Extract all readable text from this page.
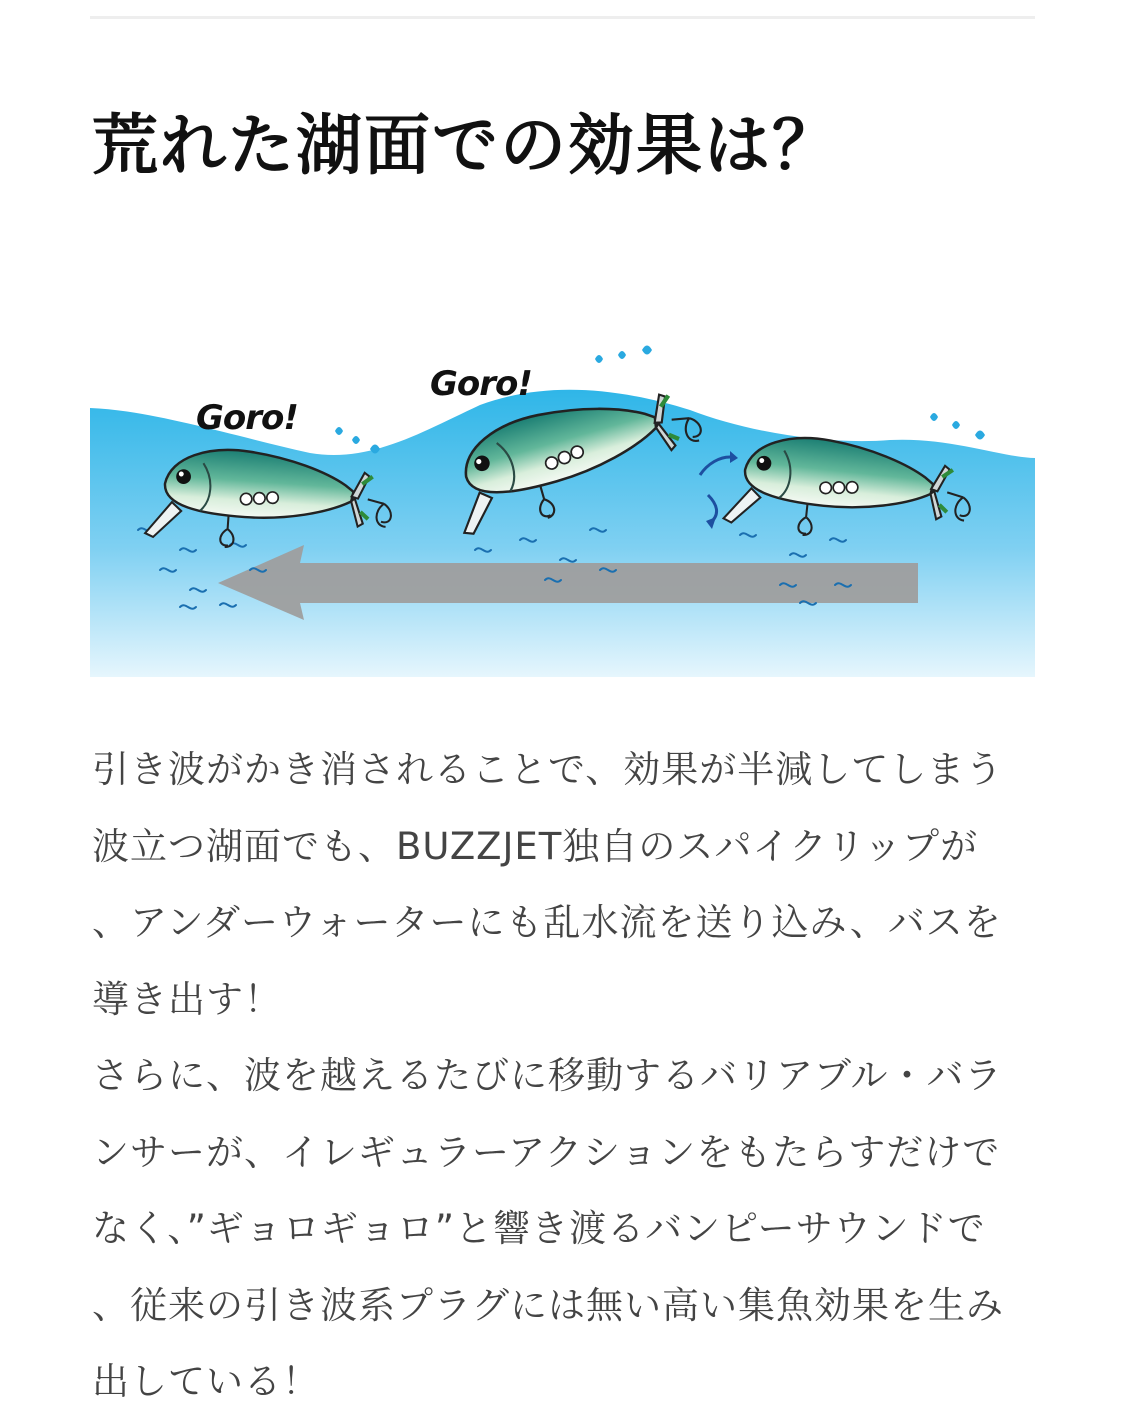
荒れた湖面での効果は？
Goro!
Goro!

引き波がかき消されることで、効果が半減してしまう
波立つ湖面でも、BUZZJET独自のスパイクリップが
、アンダーウォーターにも乱水流を送り込み、バスを
導き出す！
さらに、波を越えるたびに移動するバリアブル・バラ
ンサーが、イレギュラーアクションをもたらすだけで
なく、”ギョロギョロ”と響き渡るバンピーサウンドで
、従来の引き波系プラグには無い高い集魚効果を生み
出している！
